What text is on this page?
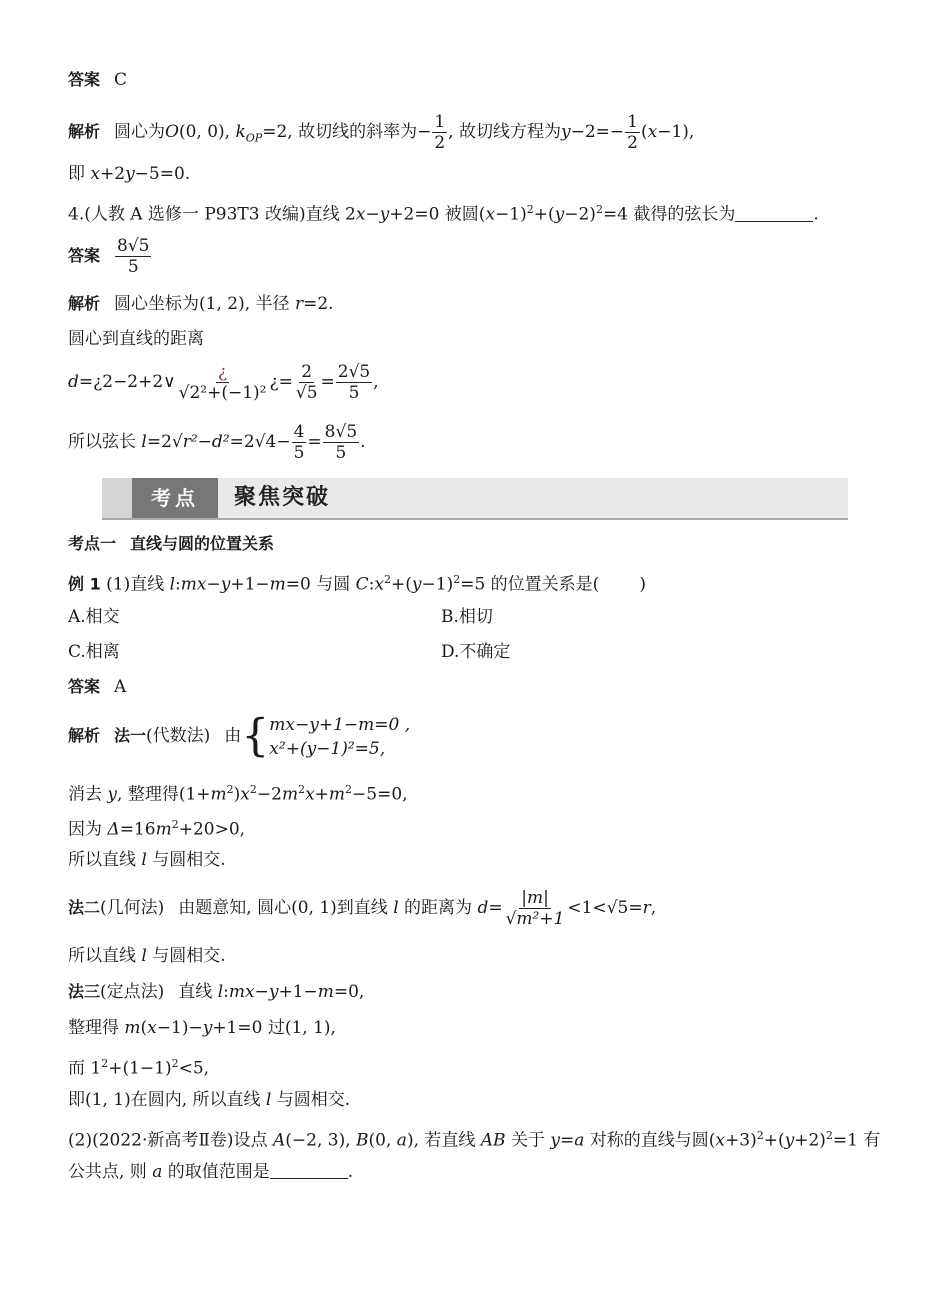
答案 C
解析 圆心为O(0, 0), $k_{OP}=2$, 故切线的斜率为− $\frac{1}{2}$ , 故切线方程为$y-2=- \frac{1}{2} (x-1)$,
即 x+2y−5=0.
4.(人教 A 选修一 P93T3 改编)直线 2x−y+2=0 被圆$(x-1)^2+(y-2)^2=4$ 截得的弦长为	.
答案 $\frac{8√5}{5}$
解析 圆心坐标为(1, 2), 半径 r=2.
圆心到直线的距离
d=¿2−2+2∨ $\frac{¿}{\text{√2²+(−1)²}}$ ¿= $\frac{2}{√5} = \frac{2√5}{5}$ ,
所以弦长 $l=2√r^2-d^2=2√4- \frac{4}{5} = \frac{8√5}{5}$ .
考点	聚焦突破
考点一 直线与圆的位置关系
例 1 (1)直线 l:mx−y+1−m=0 与圆 $C:x^2+(y-1)^2=5$ 的位置关系是( )
A.相交	B.相切
C.相离	D.不确定
答案 A
解析 法一(代数法) 由{ mx−y+1−m=0 ,
x²+(y−1)²=5,
消去 y, 整理得$(1+m^2)x^2-2m^2x+m^2-5=0$,
因为 $\Delta=16m^2+20>0$,
所以直线 l 与圆相交.
法二(几何法) 由题意知, 圆心(0, 1)到直线 l 的距离为 $d= \frac{|m|}{\text{√m²+1}} <1<√5=r$,
所以直线 l 与圆相交.
法三(定点法) 直线 l:mx−y+1−m=0,
整理得 m(x−1)−y+1=0 过(1, 1),
而 $1^2+(1-1)^2<5$,
即(1, 1)在圆内, 所以直线 l 与圆相交.
(2)(2022·新高考Ⅱ卷)设点 A(−2, 3), B(0, a), 若直线 AB 关于 y=a 对称的直线与圆$(x+3)^2+(y+2)^2=1$ 有
公共点, 则 a 的取值范围是	.
